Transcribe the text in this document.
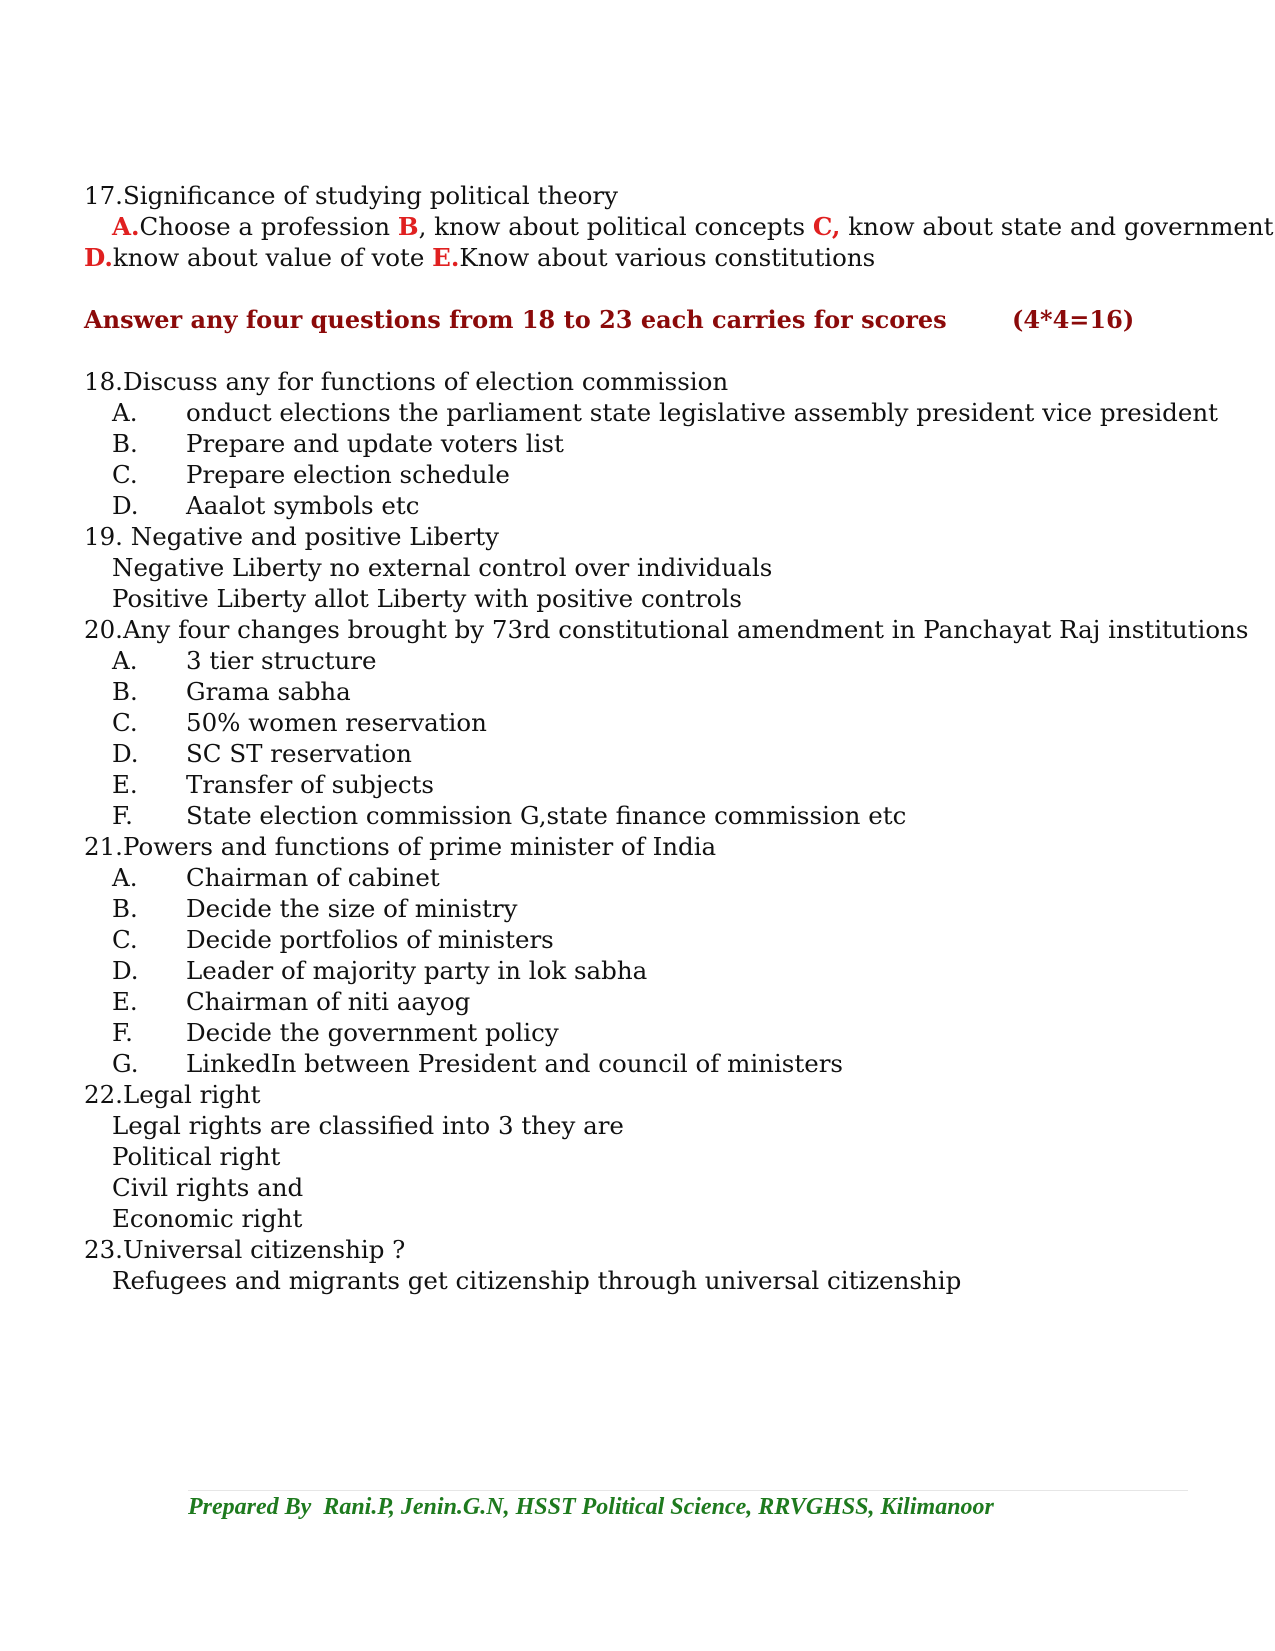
17.Significance of studying political theory
A.Choose a profession B, know about political concepts C, know about state and government
D.know about value of vote E.Know about various constitutions
Answer any four questions from 18 to 23 each carries for scores	(4*4=16)
18.Discuss any for functions of election commission
A.	onduct elections the parliament state legislative assembly president vice president
B.	Prepare and update voters list
C.	Prepare election schedule
D.	Aaalot symbols etc
19. Negative and positive Liberty
Negative Liberty no external control over individuals
Positive Liberty allot Liberty with positive controls
20.Any four changes brought by 73rd constitutional amendment in Panchayat Raj institutions
A.	3 tier structure
B.	Grama sabha
C.	50% women reservation
D.	SC ST reservation
E.	Transfer of subjects
F.	State election commission G,state finance commission etc
21.Powers and functions of prime minister of India
A.	Chairman of cabinet
B.	Decide the size of ministry
C.	Decide portfolios of ministers
D.	Leader of majority party in lok sabha
E.	Chairman of niti aayog
F.	Decide the government policy
G.	LinkedIn between President and council of ministers
22.Legal right
Legal rights are classified into 3 they are
Political right
Civil rights and
Economic right
23.Universal citizenship ?
Refugees and migrants get citizenship through universal citizenship
Prepared By  Rani.P, Jenin.G.N, HSST Political Science, RRVGHSS, Kilimanoor
